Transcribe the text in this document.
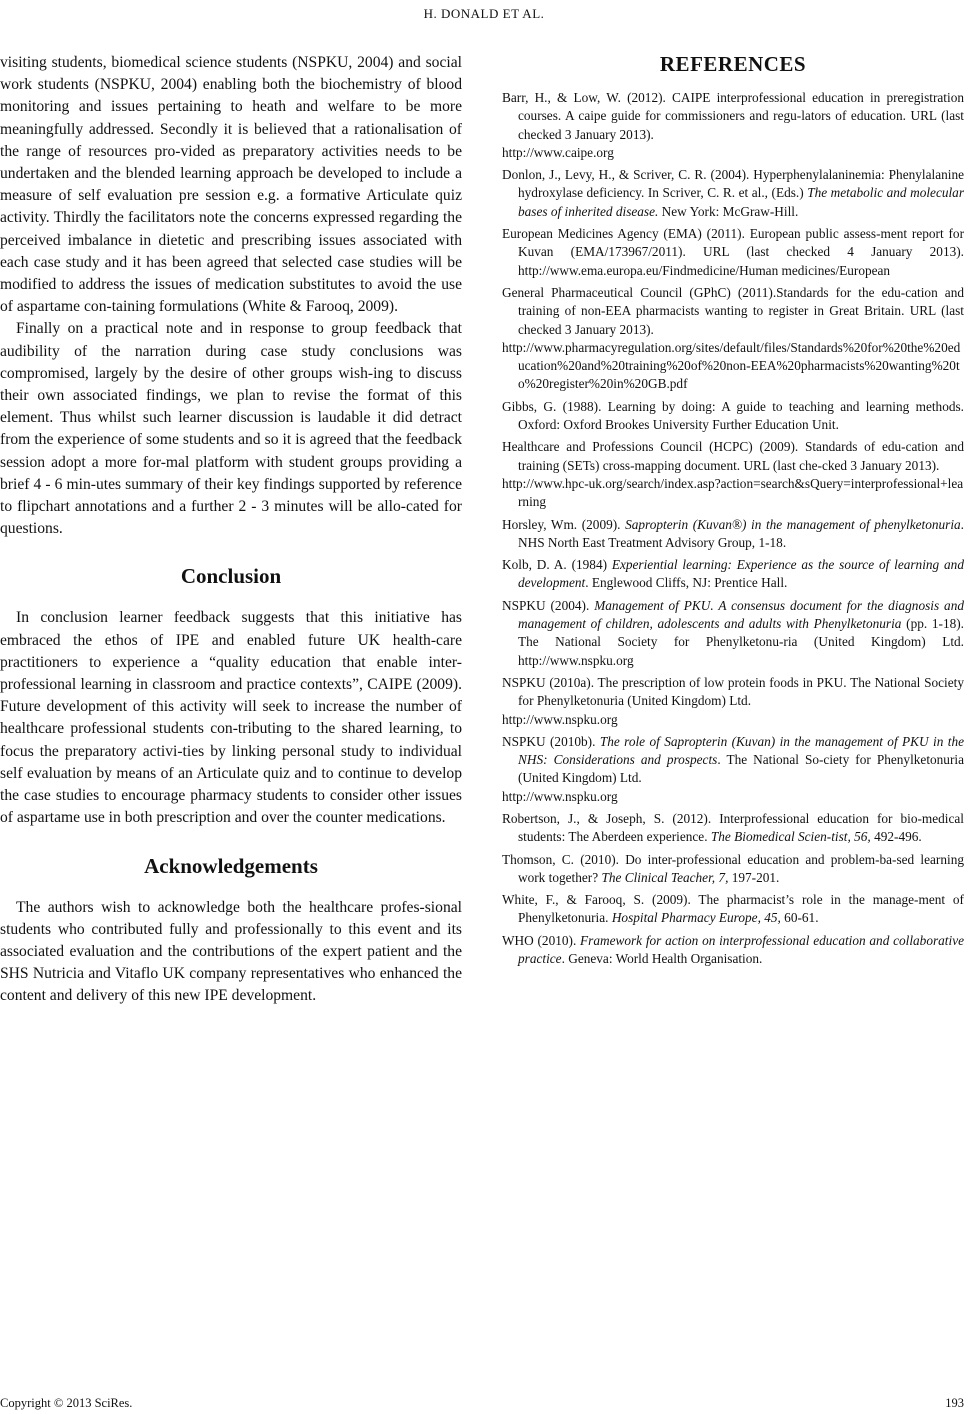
H. DONALD ET AL.

visiting students, biomedical science students (NSPKU, 2004) and social work students (NSPKU, 2004) enabling both the biochemistry of blood monitoring and issues pertaining to heath and welfare to be more meaningfully addressed. Secondly it is believed that a rationalisation of the range of resources pro-vided as preparatory activities needs to be undertaken and the blended learning approach be developed to include a measure of self evaluation pre session e.g. a formative Articulate quiz activity. Thirdly the facilitators note the concerns expressed regarding the perceived imbalance in dietetic and prescribing issues associated with each case study and it has been agreed that selected case studies will be modified to address the issues of medication substitutes to avoid the use of aspartame con-taining formulations (White & Farooq, 2009).

Finally on a practical note and in response to group feedback that audibility of the narration during case study conclusions was compromised, largely by the desire of other groups wish-ing to discuss their own associated findings, we plan to revise the format of this element. Thus whilst such learner discussion is laudable it did detract from the experience of some students and so it is agreed that the feedback session adopt a more for-mal platform with student groups providing a brief 4 - 6 min-utes summary of their key findings supported by reference to flipchart annotations and a further 2 - 3 minutes will be allo-cated for questions.

Conclusion

In conclusion learner feedback suggests that this initiative has embraced the ethos of IPE and enabled future UK health-care practitioners to experience a “quality education that enable inter-professional learning in classroom and practice contexts”, CAIPE (2009). Future development of this activity will seek to increase the number of healthcare professional students con-tributing to the shared learning, to focus the preparatory activi-ties by linking personal study to individual self evaluation by means of an Articulate quiz and to continue to develop the case studies to encourage pharmacy students to consider other issues of aspartame use in both prescription and over the counter medications.

Acknowledgements

The authors wish to acknowledge both the healthcare profes-sional students who contributed fully and professionally to this event and its associated evaluation and the contributions of the expert patient and the SHS Nutricia and Vitaflo UK company representatives who enhanced the content and delivery of this new IPE development.

REFERENCES

Barr, H., & Low, W. (2012). CAIPE interprofessional education in preregistration courses. A caipe guide for commissioners and regu-lators of education. URL (last checked 3 January 2013).
http://www.caipe.org

Donlon, J., Levy, H., & Scriver, C. R. (2004). Hyperphenylalaninemia: Phenylalanine hydroxylase deficiency. In Scriver, C. R. et al., (Eds.) The metabolic and molecular bases of inherited disease. New York: McGraw-Hill.

European Medicines Agency (EMA) (2011). European public assess-ment report for Kuvan (EMA/173967/2011). URL (last checked 4 January 2013). http://www.ema.europa.eu/Findmedicine/Human medicines/European

General Pharmaceutical Council (GPhC) (2011).Standards for the edu-cation and training of non-EEA pharmacists wanting to register in Great Britain. URL (last checked 3 January 2013).
http://www.pharmacyregulation.org/sites/default/files/Standards%20for%20the%20education%20and%20training%20of%20non-EEA%20pharmacists%20wanting%20to%20register%20in%20GB.pdf

Gibbs, G. (1988). Learning by doing: A guide to teaching and learning methods. Oxford: Oxford Brookes University Further Education Unit.

Healthcare and Professions Council (HCPC) (2009). Standards of edu-cation and training (SETs) cross-mapping document. URL (last che-cked 3 January 2013).
http://www.hpc-uk.org/search/index.asp?action=search&sQuery=interprofessional+learning

Horsley, Wm. (2009). Sapropterin (Kuvan®) in the management of phenylketonuria. NHS North East Treatment Advisory Group, 1-18.

Kolb, D. A. (1984) Experiential learning: Experience as the source of learning and development. Englewood Cliffs, NJ: Prentice Hall.

NSPKU (2004). Management of PKU. A consensus document for the diagnosis and management of children, adolescents and adults with Phenylketonuria (pp. 1-18). The National Society for Phenylketonu-ria (United Kingdom) Ltd. http://www.nspku.org

NSPKU (2010a). The prescription of low protein foods in PKU. The National Society for Phenylketonuria (United Kingdom) Ltd.
http://www.nspku.org

NSPKU (2010b). The role of Sapropterin (Kuvan) in the management of PKU in the NHS: Considerations and prospects. The National So-ciety for Phenylketonuria (United Kingdom) Ltd.
http://www.nspku.org

Robertson, J., & Joseph, S. (2012). Interprofessional education for bio-medical students: The Aberdeen experience. The Biomedical Scien-tist, 56, 492-496.

Thomson, C. (2010). Do inter-professional education and problem-ba-sed learning work together? The Clinical Teacher, 7, 197-201.

White, F., & Farooq, S. (2009). The pharmacist’s role in the manage-ment of Phenylketonuria. Hospital Pharmacy Europe, 45, 60-61.

WHO (2010). Framework for action on interprofessional education and collaborative practice. Geneva: World Health Organisation.

Copyright © 2013 SciRes.	193
